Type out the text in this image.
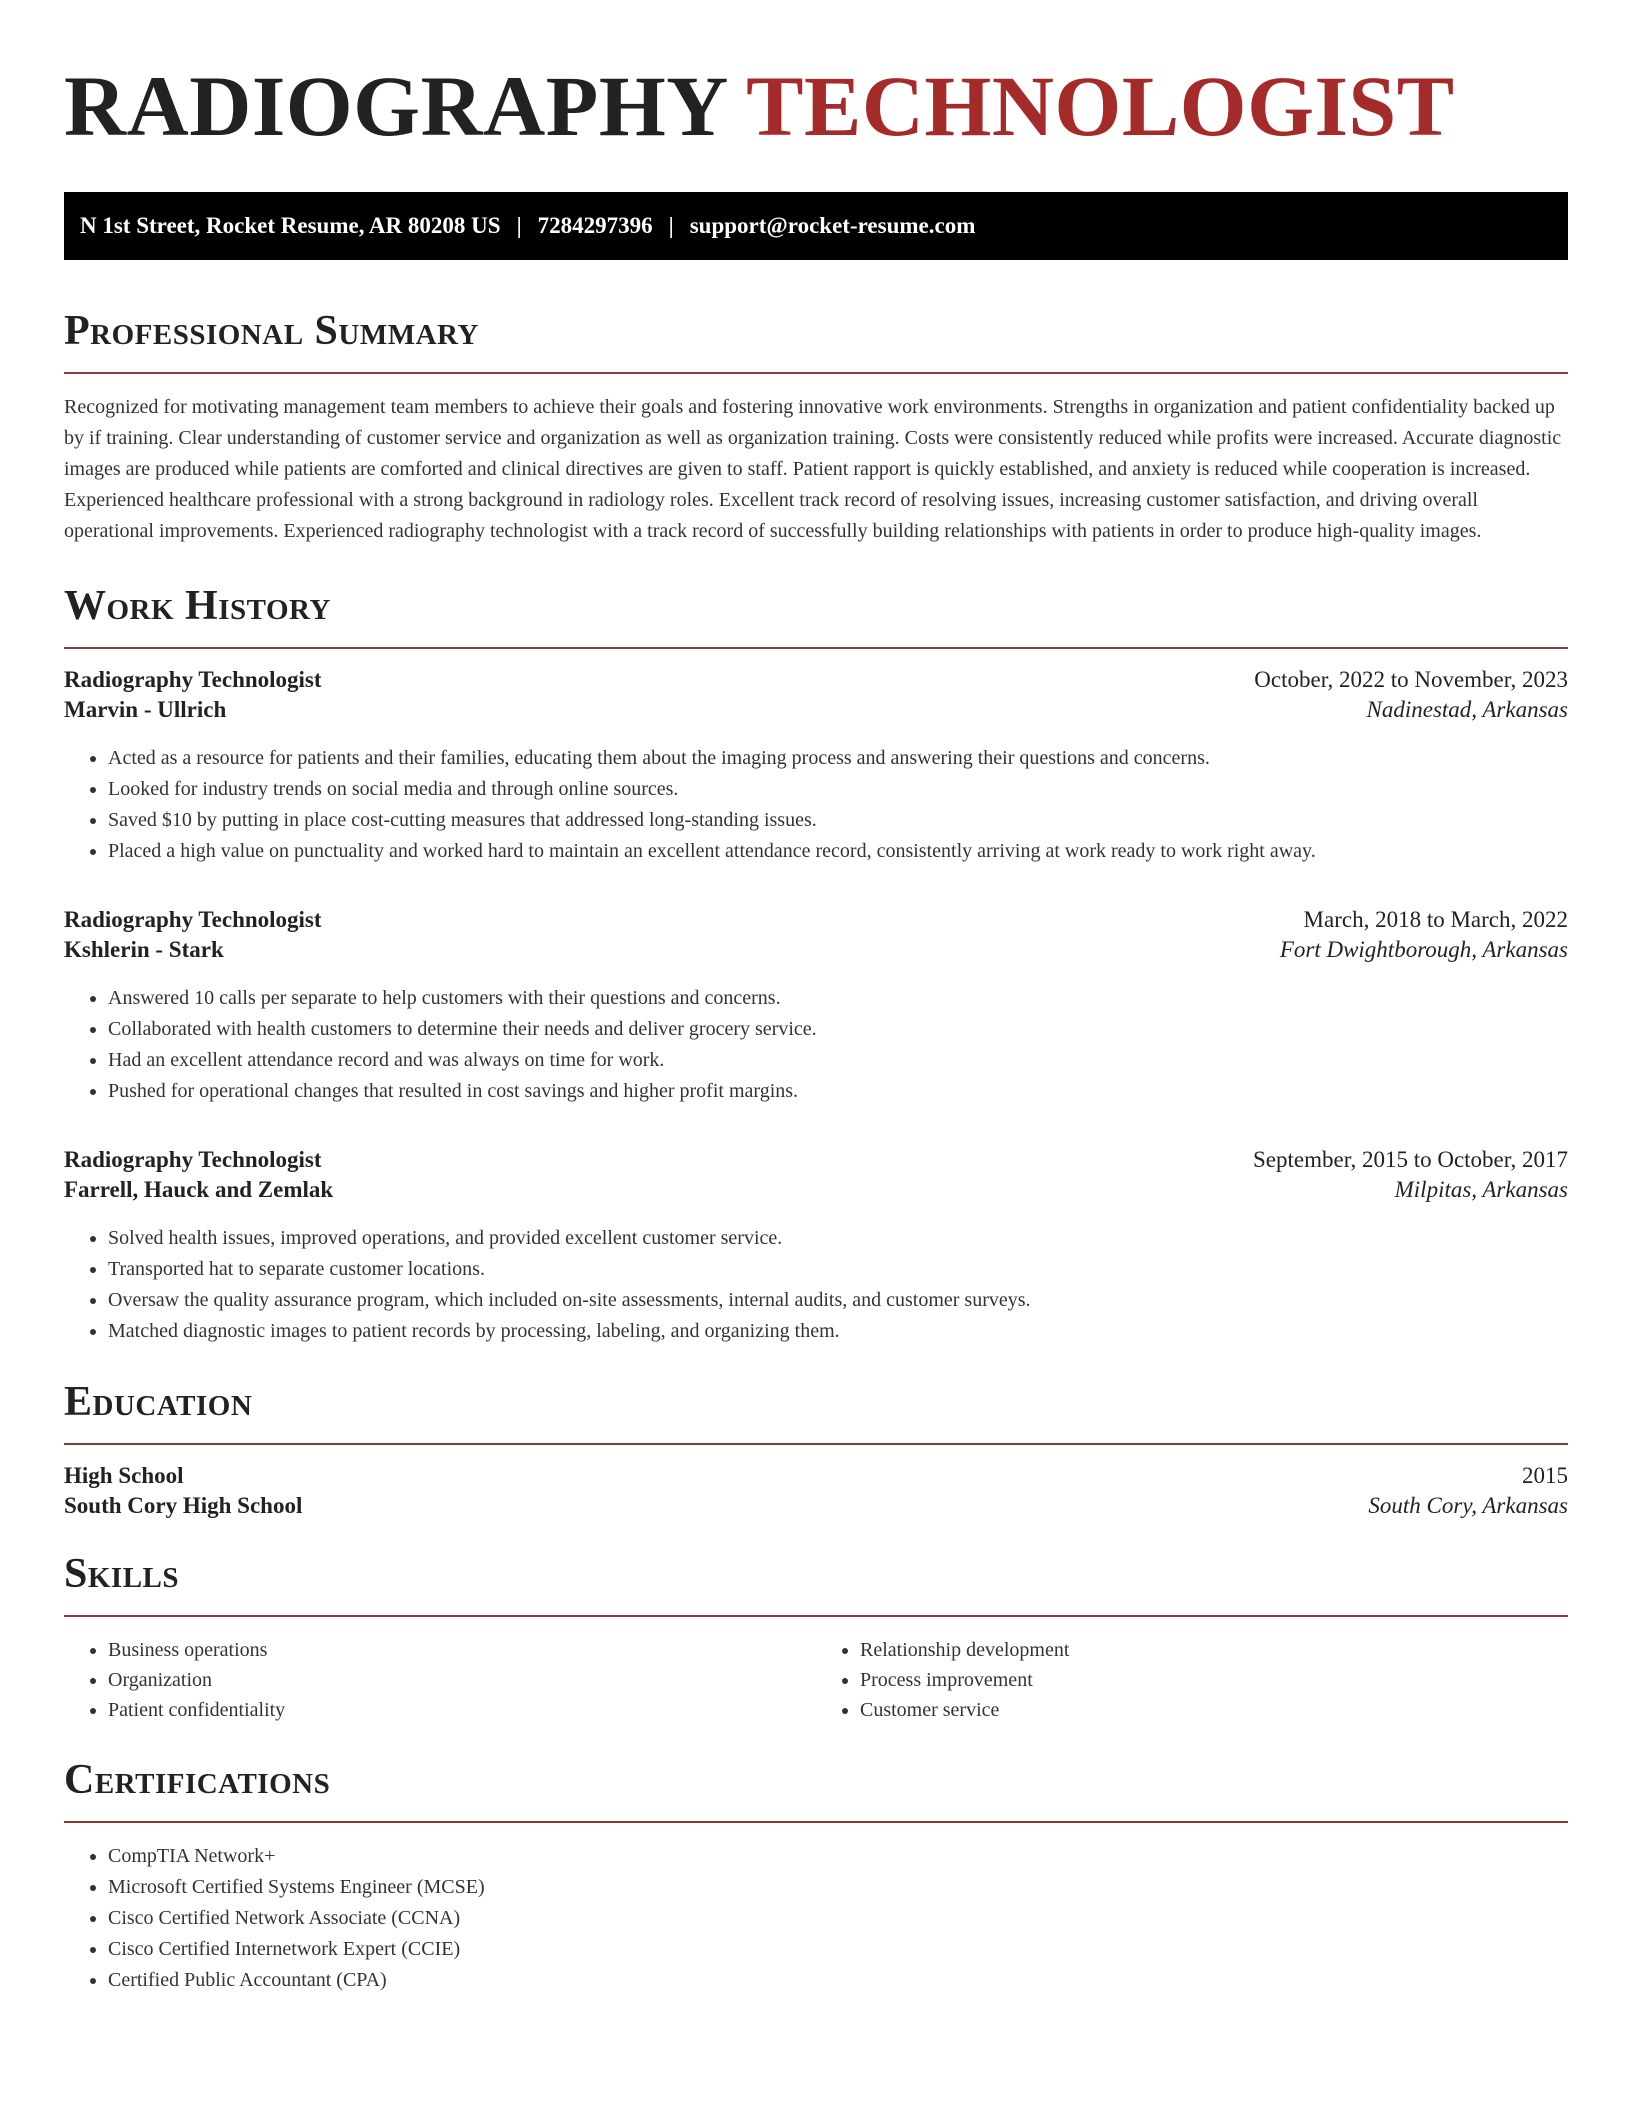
RADIOGRAPHY TECHNOLOGIST
N 1st Street, Rocket Resume, AR 80208 US | 7284297396 | support@rocket-resume.com
Professional Summary

Recognized for motivating management team members to achieve their goals and fostering innovative work environments. Strengths in organization and patient confidentiality backed up by if training. Clear understanding of customer service and organization as well as organization training. Costs were consistently reduced while profits were increased. Accurate diagnostic images are produced while patients are comforted and clinical directives are given to staff. Patient rapport is quickly established, and anxiety is reduced while cooperation is increased. Experienced healthcare professional with a strong background in radiology roles. Excellent track record of resolving issues, increasing customer satisfaction, and driving overall operational improvements. Experienced radiography technologist with a track record of successfully building relationships with patients in order to produce high-quality images.

Work History
Radiography Technologist	October, 2022 to November, 2023
Marvin - Ullrich	Nadinestad, Arkansas
• Acted as a resource for patients and their families, educating them about the imaging process and answering their questions and concerns.
• Looked for industry trends on social media and through online sources.
• Saved $10 by putting in place cost-cutting measures that addressed long-standing issues.
• Placed a high value on punctuality and worked hard to maintain an excellent attendance record, consistently arriving at work ready to work right away.
Radiography Technologist	March, 2018 to March, 2022
Kshlerin - Stark	Fort Dwightborough, Arkansas
• Answered 10 calls per separate to help customers with their questions and concerns.
• Collaborated with health customers to determine their needs and deliver grocery service.
• Had an excellent attendance record and was always on time for work.
• Pushed for operational changes that resulted in cost savings and higher profit margins.
Radiography Technologist	September, 2015 to October, 2017
Farrell, Hauck and Zemlak	Milpitas, Arkansas
• Solved health issues, improved operations, and provided excellent customer service.
• Transported hat to separate customer locations.
• Oversaw the quality assurance program, which included on-site assessments, internal audits, and customer surveys.
• Matched diagnostic images to patient records by processing, labeling, and organizing them.
Education
High School	2015
South Cory High School	South Cory, Arkansas
Skills
• Business operations
• Organization
• Patient confidentiality
• Relationship development
• Process improvement
• Customer service
Certifications
• CompTIA Network+
• Microsoft Certified Systems Engineer (MCSE)
• Cisco Certified Network Associate (CCNA)
• Cisco Certified Internetwork Expert (CCIE)
• Certified Public Accountant (CPA)
